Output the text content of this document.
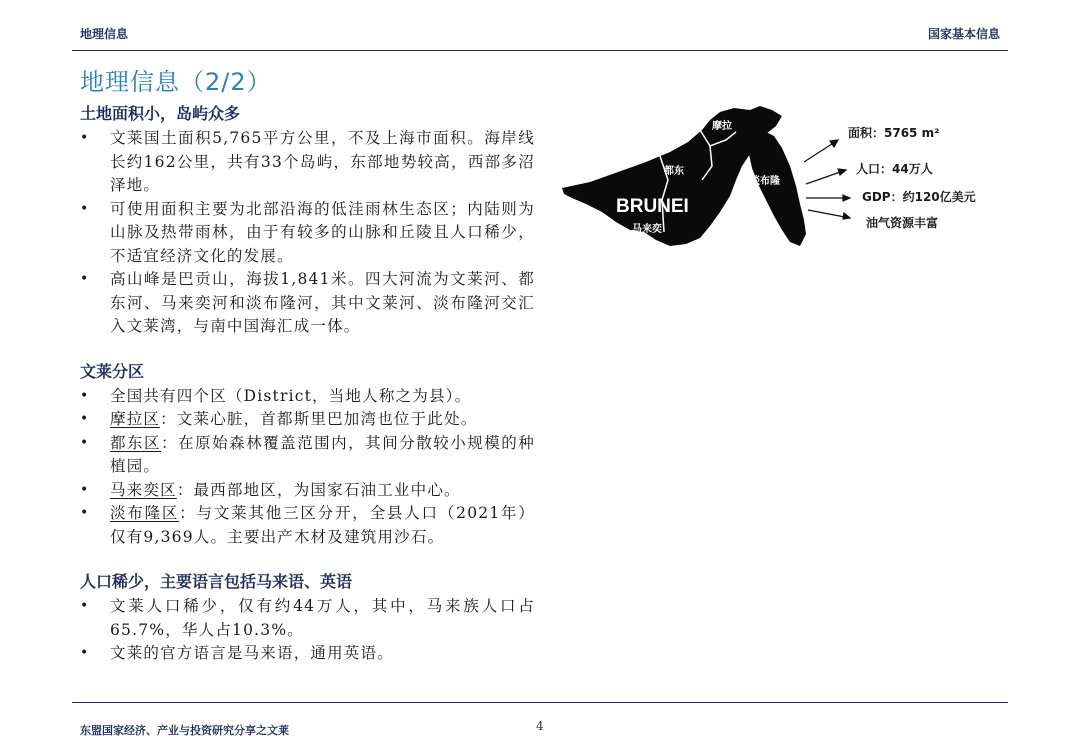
地理信息	国家基本信息
地理信息（2/2）
土地面积小，岛屿众多
• 文莱国土面积5,765平方公里，不及上海市面积。海岸线长约162公里，共有33个岛屿，东部地势较高，西部多沼泽地。
• 可使用面积主要为北部沿海的低洼雨林生态区；内陆则为山脉及热带雨林，由于有较多的山脉和丘陵且人口稀少，不适宜经济文化的发展。
• 高山峰是巴贡山，海拔1,841米。四大河流为文莱河、都东河、马来奕河和淡布隆河，其中文莱河、淡布隆河交汇入文莱湾，与南中国海汇成一体。
文莱分区
• 全国共有四个区（District，当地人称之为县）。
• 摩拉区：文莱心脏，首都斯里巴加湾也位于此处。
• 都东区：在原始森林覆盖范围内，其间分散较小规模的种植园。
• 马来奕区：最西部地区，为国家石油工业中心。
• 淡布隆区：与文莱其他三区分开，全县人口（2021年）仅有9,369人。主要出产木材及建筑用沙石。
人口稀少，主要语言包括马来语、英语
• 文莱人口稀少，仅有约44万人，其中，马来族人口占65.7%，华人占10.3%。
• 文莱的官方语言是马来语，通用英语。
摩拉
都东
淡布隆
马来奕
BRUNEI
面积：5765 m²
人口：44万人
GDP：约120亿美元
油气资源丰富
东盟国家经济、产业与投资研究分享之文莱	4
